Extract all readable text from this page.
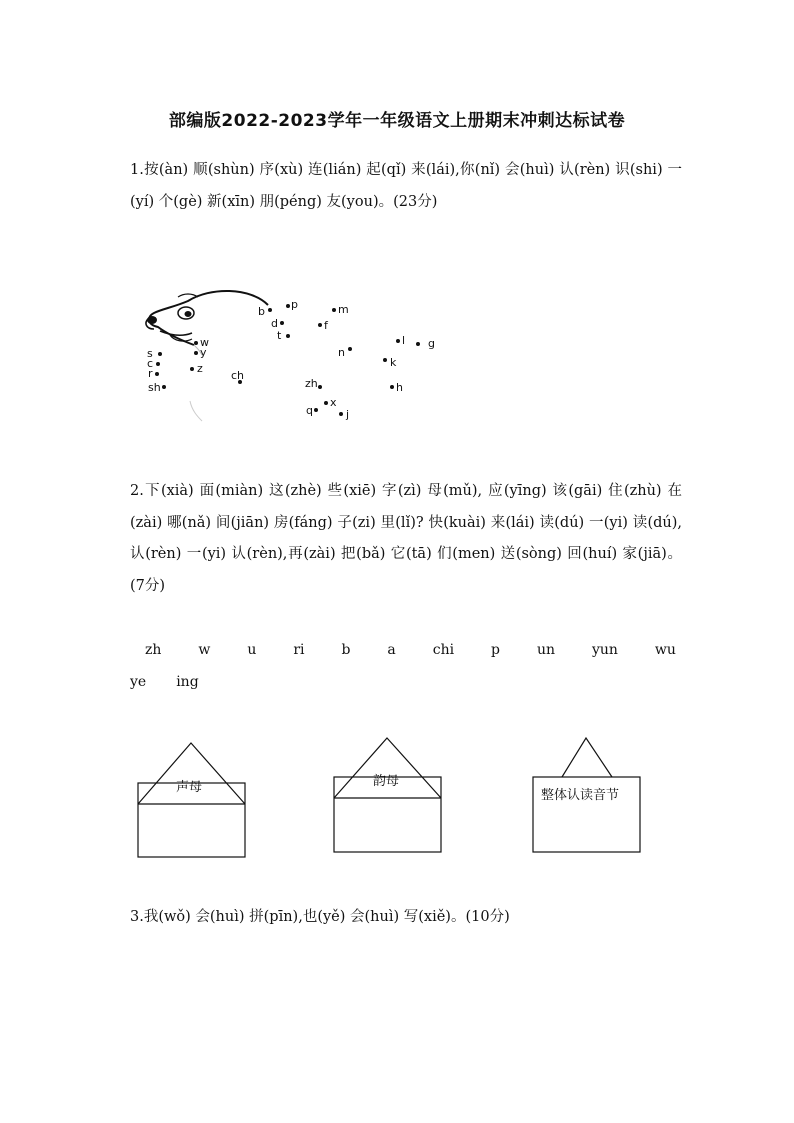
部编版2022-2023学年一年级语文上册期末冲刺达标试卷
1.按(àn) 顺(shùn) 序(xù) 连(lián) 起(qǐ) 来(lái),你(nǐ) 会(huì) 认(rèn) 识(shi) 一(yí) 个(gè) 新(xīn) 朋(péng) 友(you)。(23分)
b
p	m
d
t
f
w
y
s
c
r
sh
z
ch
n
l g
k
h
zh
x
q	j
2.下(xià) 面(miàn) 这(zhè) 些(xiē) 字(zì) 母(mǔ), 应(yīng) 该(gāi) 住(zhù) 在(zài) 哪(nǎ) 间(jiān) 房(fáng) 子(zi) 里(lǐ)? 快(kuài) 来(lái) 读(dú) 一(yi) 读(dú),认(rèn) 一(yi) 认(rèn),再(zài) 把(bǎ) 它(tā) 们(men) 送(sòng) 回(huí) 家(jiā)。(7分)
zh	w	u	ri	b	a	chi	p	un	yun	wu
ye ing
声母	韵母
整体认读音节
3.我(wǒ) 会(huì) 拼(pīn),也(yě) 会(huì) 写(xiě)。(10分)
